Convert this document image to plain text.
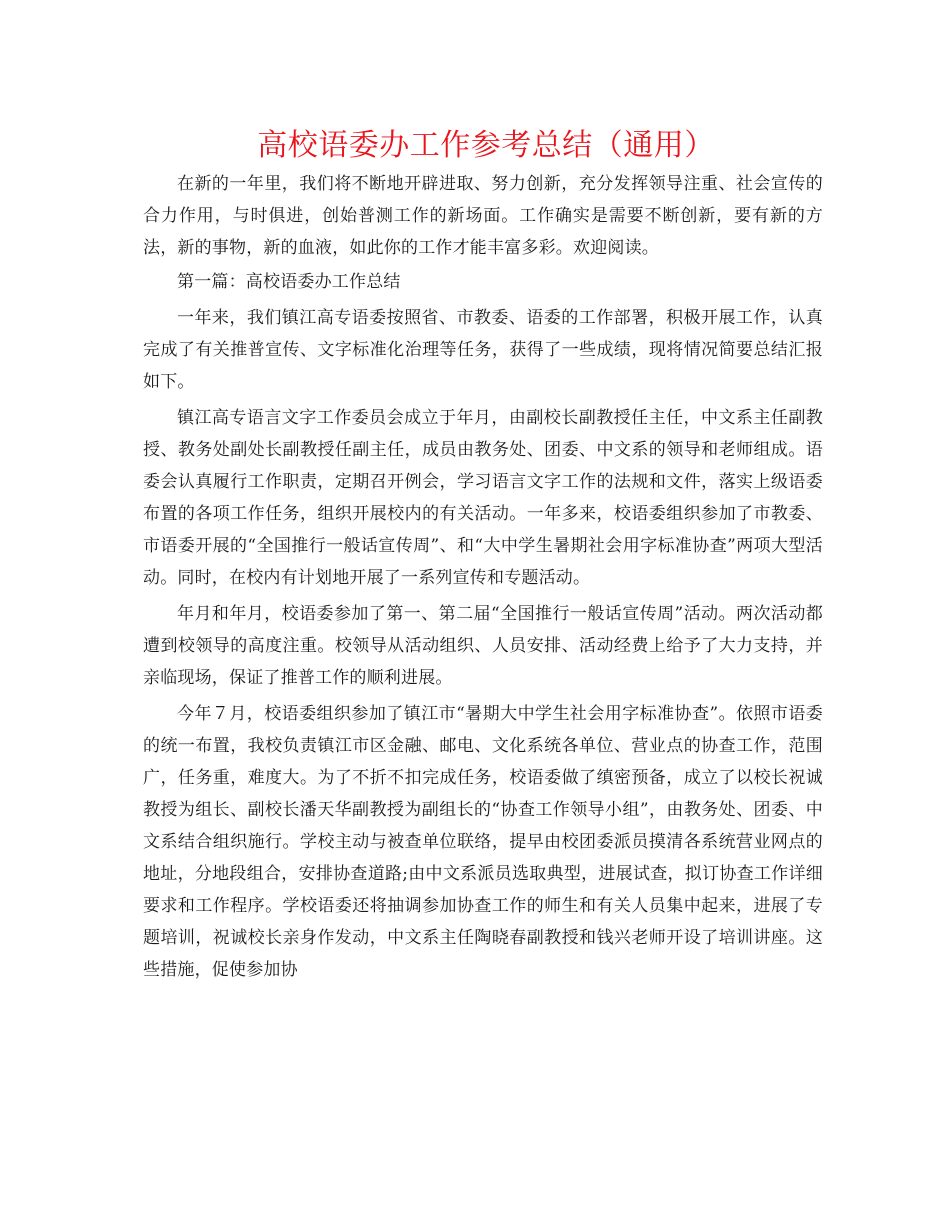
高校语委办工作参考总结（通用）

在新的一年里，我们将不断地开辟进取、努力创新，充分发挥领导注重、社会宣传的合力作用，与时俱进，创始普测工作的新场面。工作确实是需要不断创新，要有新的方法，新的事物，新的血液，如此你的工作才能丰富多彩。欢迎阅读。

第一篇：高校语委办工作总结

一年来，我们镇江高专语委按照省、市教委、语委的工作部署，积极开展工作，认真完成了有关推普宣传、文字标准化治理等任务，获得了一些成绩，现将情况简要总结汇报如下。

镇江高专语言文字工作委员会成立于年月，由副校长副教授任主任，中文系主任副教授、教务处副处长副教授任副主任，成员由教务处、团委、中文系的领导和老师组成。语委会认真履行工作职责，定期召开例会，学习语言文字工作的法规和文件，落实上级语委布置的各项工作任务，组织开展校内的有关活动。一年多来，校语委组织参加了市教委、市语委开展的“全国推行一般话宣传周”、和“大中学生暑期社会用字标准协查”两项大型活动。同时，在校内有计划地开展了一系列宣传和专题活动。

年月和年月，校语委参加了第一、第二届“全国推行一般话宣传周”活动。两次活动都遭到校领导的高度注重。校领导从活动组织、人员安排、活动经费上给予了大力支持，并亲临现场，保证了推普工作的顺利进展。

今年７月，校语委组织参加了镇江市“暑期大中学生社会用字标准协查”。依照市语委的统一布置，我校负责镇江市区金融、邮电、文化系统各单位、营业点的协查工作，范围广，任务重，难度大。为了不折不扣完成任务，校语委做了缜密预备，成立了以校长祝诚教授为组长、副校长潘天华副教授为副组长的“协查工作领导小组”，由教务处、团委、中文系结合组织施行。学校主动与被查单位联络，提早由校团委派员摸清各系统营业网点的地址，分地段组合，安排协查道路;由中文系派员选取典型，进展试查，拟订协查工作详细要求和工作程序。学校语委还将抽调参加协查工作的师生和有关人员集中起来，进展了专题培训，祝诚校长亲身作发动，中文系主任陶晓春副教授和钱兴老师开设了培训讲座。这些措施，促使参加协
